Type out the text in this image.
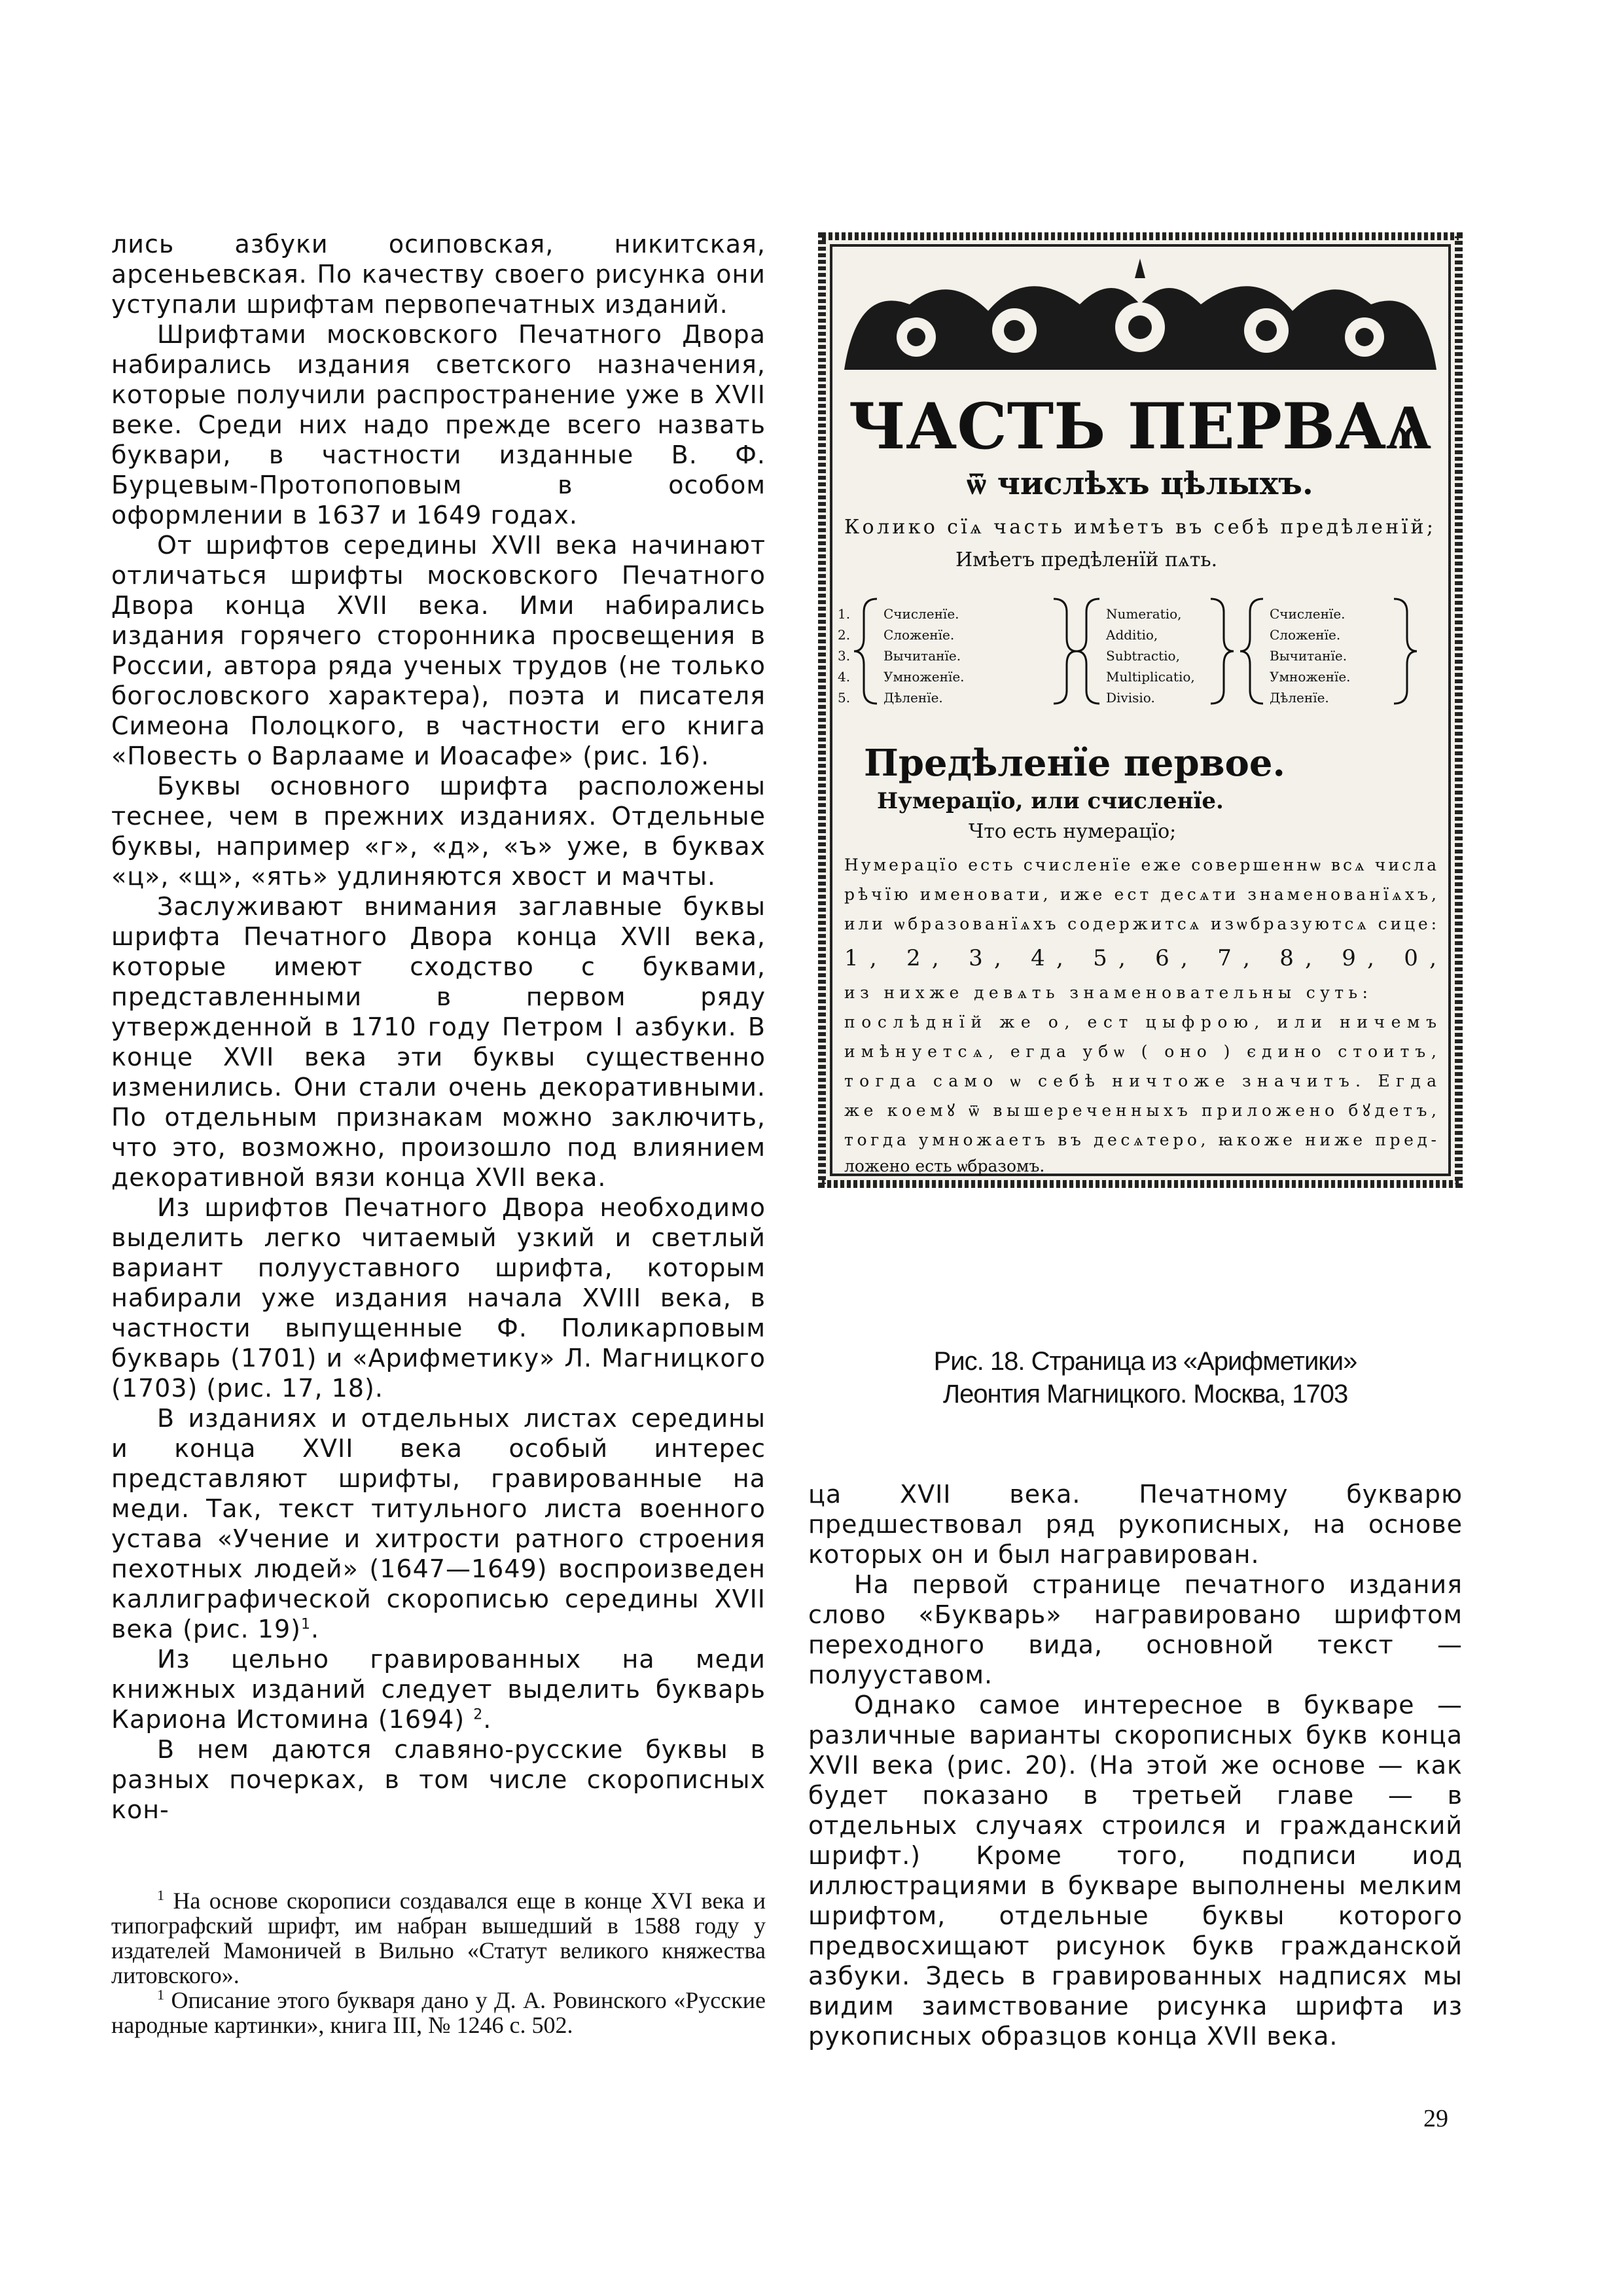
лись азбуки осиповская, никитская, арсеньевская. По качеству своего рисунка они уступали шрифтам первопечатных изданий.

Шрифтами московского Печатного Двора набирались издания светского назначения, которые получили распространение уже в XVII веке. Среди них надо прежде всего назвать буквари, в частности изданные В. Ф. Бурцевым-Протопоповым в особом оформлении в 1637 и 1649 годах.

От шрифтов середины XVII века начинают отличаться шрифты московского Печатного Двора конца XVII века. Ими набирались издания горячего сторонника просвещения в России, автора ряда ученых трудов (не только богословского характера), поэта и писателя Симеона Полоцкого, в частности его книга «Повесть о Варлааме и Иоасафе» (рис. 16).

Буквы основного шрифта расположены теснее, чем в прежних изданиях. Отдельные буквы, например «г», «д», «ъ» уже, в буквах «ц», «щ», «ять» удлиняются хвост и мачты.

Заслуживают внимания заглавные буквы шрифта Печатного Двора конца XVII века, которые имеют сходство с буквами, представленными в первом ряду утвержденной в 1710 году Петром I азбуки. В конце XVII века эти буквы существенно изменились. Они стали очень декоративными. По отдельным признакам можно заключить, что это, возможно, произошло под влиянием декоративной вязи конца XVII века.

Из шрифтов Печатного Двора необходимо выделить легко читаемый узкий и светлый вариант полууставного шрифта, которым набирали уже издания начала XVIII века, в частности выпущенные Ф. Поликарповым букварь (1701) и «Арифметику» Л. Магницкого (1703) (рис. 17, 18).

В изданиях и отдельных листах середины и конца XVII века особый интерес представляют шрифты, гравированные на меди. Так, текст титульного листа военного устава «Учение и хитрости ратного строения пехотных людей» (1647—1649) воспроизведен каллиграфической скорописью середины XVII века (рис. 19)$^1$.

Из цельно гравированных на меди книжных изданий следует выделить букварь Кариона Истомина (1694) $^2$.

В нем даются славяно-русские буквы в разных почерках, в том числе скорописных кон-

$^1$ На основе скорописи создавался еще в конце XVI века и типографский шрифт, им набран вышедший в 1588 году у издателей Мамоничей в Вильно «Статут великого княжества литовского».

$^1$ Описание этого букваря дано у Д. А. Ровинского «Русские народные картинки», книга III, № 1246 с. 502.

ЧАСТЬ ПЕРВАѦ
ѿ числѣхъ цѣлыхъ.
Колико сїѧ часть имѣетъ въ себѣ предѣленїй;
Имѣетъ предѣленїй пѧть.
1.
2.
3.
4.
5.
Счисленїе.
Сложенїе.
Вычитанїе.
Умноженїе.
Дѣленїе.
Numeratio,
Additio,
Subtractio,
Multiplicatio,
Divisio.
Счисленїе.
Сложенїе.
Вычитанїе.
Умноженїе.
Дѣленїе.
Предѣленїе первое.
Нумерацїо, или счисленїе.
Что есть нумерацїо;
Нумерацїо есть счисленїе еже совершеннѡ всѧ числа
рѣчїю именовати, иже ест десѧти знаменованїѧхъ,
или ѡбразованїѧхъ содержитсѧ изѡбразуютсѧ сице:
1, 2, 3, 4, 5, 6, 7, 8, 9, 0,
из нихже девѧть знаменовательны суть:
послѣднїй же о, ест цыфрою, или ничемъ
имѣнуетсѧ, егда убѡ ( оно ) єдино стоитъ,
тогда само ѡ себѣ ничтоже значитъ. Егда
же коемꙋ ѿ вышереченныхъ приложено бꙋдетъ,
тогда умножаетъ въ десѧтеро, ꙗкоже ниже пред-
ложено есть ѡбразомъ.
Рис. 18. Страница из «Арифметики»
Леонтия Магницкого. Москва, 1703

ца XVII века. Печатному букварю предшествовал ряд рукописных, на основе которых он и был награвирован.

На первой странице печатного издания слово «Букварь» награвировано шрифтом переходного вида, основной текст — полууставом.

Однако самое интересное в букваре — различные варианты скорописных букв конца XVII века (рис. 20). (На этой же основе — как будет показано в третьей главе — в отдельных случаях строился и гражданский шрифт.) Кроме того, подписи иод иллюстрациями в букваре выполнены мелким шрифтом, отдельные буквы которого предвосхищают рисунок букв гражданской азбуки. Здесь в гравированных надписях мы видим заимствование рисунка шрифта из рукописных образцов конца XVII века.

29
